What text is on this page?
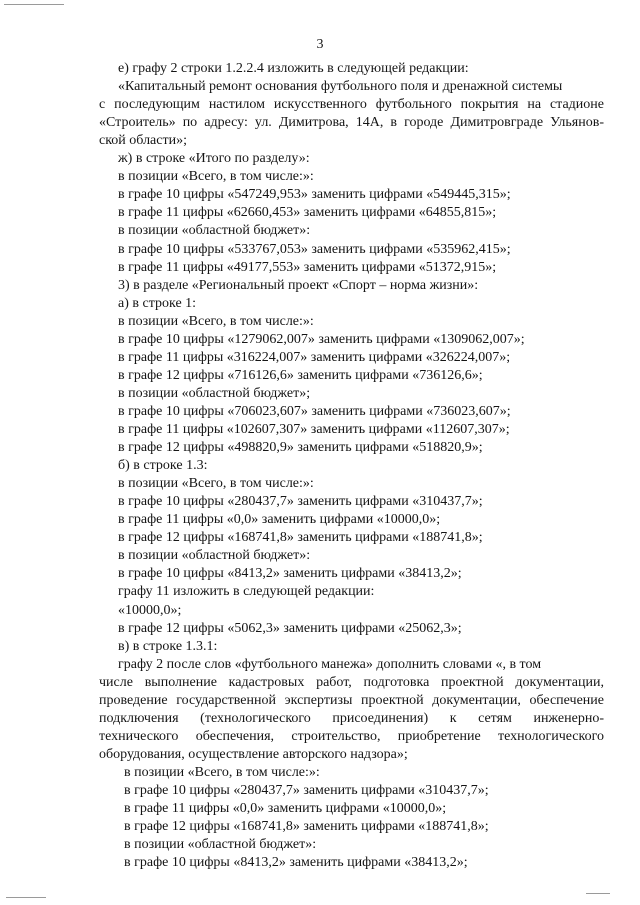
3
е) графу 2 строки 1.2.2.4 изложить в следующей редакции:
«Капитальный ремонт основания футбольного поля и дренажной системы
с последующим настилом искусственного футбольного покрытия на стадионе
«Строитель» по адресу: ул. Димитрова, 14А, в городе Димитровграде Ульянов-
ской области»;
ж) в строке «Итого по разделу»:
в позиции «Всего, в том числе:»:
в графе 10 цифры «547249,953» заменить цифрами «549445,315»;
в графе 11 цифры «62660,453» заменить цифрами «64855,815»;
в позиции «областной бюджет»:
в графе 10 цифры «533767,053» заменить цифрами «535962,415»;
в графе 11 цифры «49177,553» заменить цифрами «51372,915»;
3) в разделе «Региональный проект «Спорт – норма жизни»:
а) в строке 1:
в позиции «Всего, в том числе:»:
в графе 10 цифры «1279062,007» заменить цифрами «1309062,007»;
в графе 11 цифры «316224,007» заменить цифрами «326224,007»;
в графе 12 цифры «716126,6» заменить цифрами «736126,6»;
в позиции «областной бюджет»;
в графе 10 цифры «706023,607» заменить цифрами «736023,607»;
в графе 11 цифры «102607,307» заменить цифрами «112607,307»;
в графе 12 цифры «498820,9» заменить цифрами «518820,9»;
б) в строке 1.3:
в позиции «Всего, в том числе:»:
в графе 10 цифры «280437,7» заменить цифрами «310437,7»;
в графе 11 цифры «0,0» заменить цифрами «10000,0»;
в графе 12 цифры «168741,8» заменить цифрами «188741,8»;
в позиции «областной бюджет»:
в графе 10 цифры «8413,2» заменить цифрами «38413,2»;
графу 11 изложить в следующей редакции:
«10000,0»;
в графе 12 цифры «5062,3» заменить цифрами «25062,3»;
в) в строке 1.3.1:
графу 2 после слов «футбольного манежа» дополнить словами «, в том
числе выполнение кадастровых работ, подготовка проектной документации,
проведение государственной экспертизы проектной документации, обеспечение
подключения (технологического присоединения) к сетям инженерно-
технического обеспечения, строительство, приобретение технологического
оборудования, осуществление авторского надзора»;
в позиции «Всего, в том числе:»:
в графе 10 цифры «280437,7» заменить цифрами «310437,7»;
в графе 11 цифры «0,0» заменить цифрами «10000,0»;
в графе 12 цифры «168741,8» заменить цифрами «188741,8»;
в позиции «областной бюджет»:
в графе 10 цифры «8413,2» заменить цифрами «38413,2»;
